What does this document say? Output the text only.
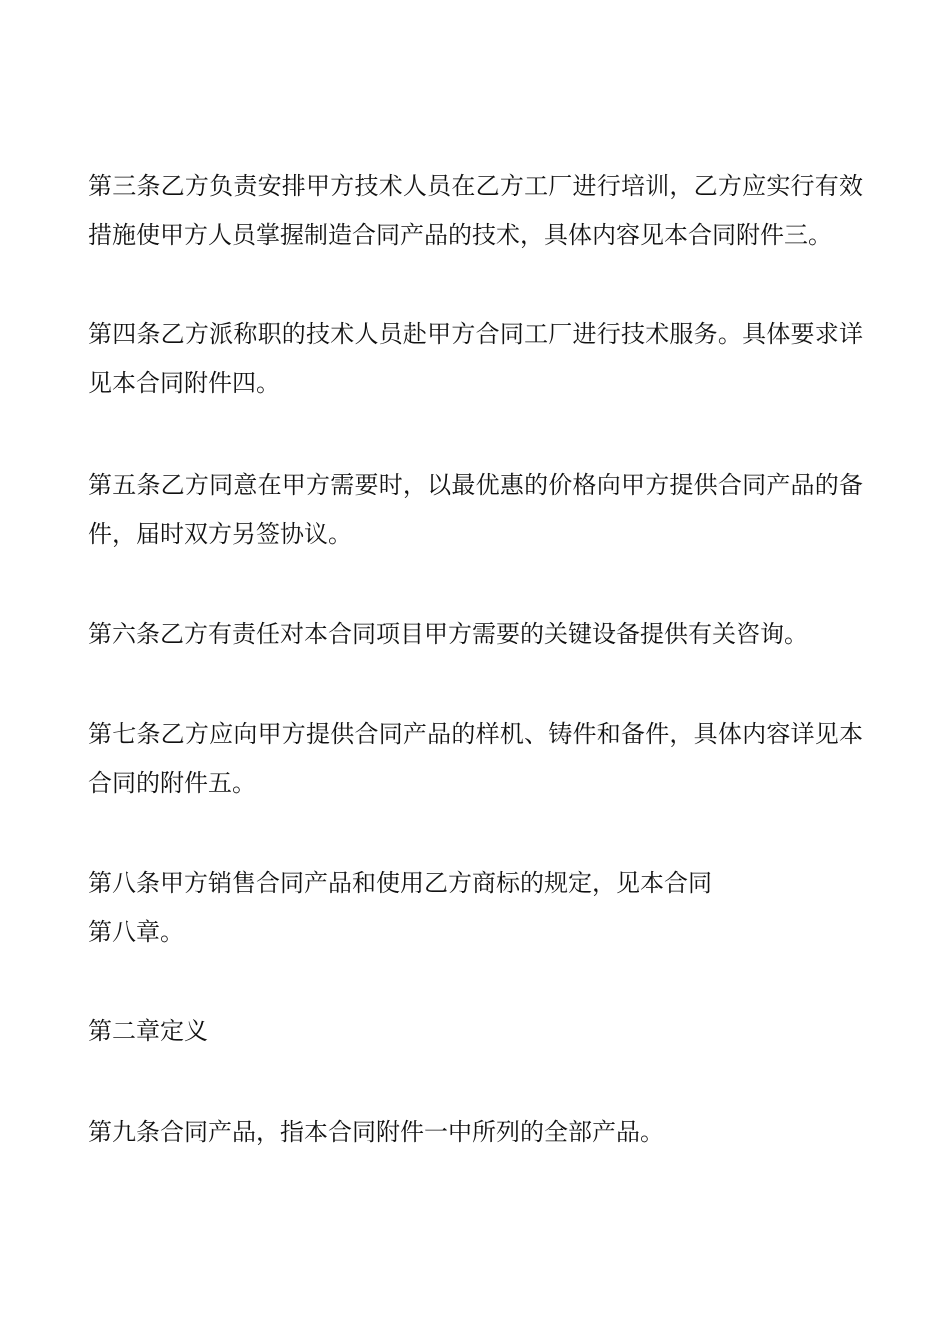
第三条乙方负责安排甲方技术人员在乙方工厂进行培训，乙方应实行有效
措施使甲方人员掌握制造合同产品的技术，具体内容见本合同附件三。

第四条乙方派称职的技术人员赴甲方合同工厂进行技术服务。具体要求详
见本合同附件四。

第五条乙方同意在甲方需要时，以最优惠的价格向甲方提供合同产品的备
件，届时双方另签协议。

第六条乙方有责任对本合同项目甲方需要的关键设备提供有关咨询。

第七条乙方应向甲方提供合同产品的样机、铸件和备件，具体内容详见本
合同的附件五。

第八条甲方销售合同产品和使用乙方商标的规定，见本合同
第八章。

第二章定义

第九条合同产品，指本合同附件一中所列的全部产品。
